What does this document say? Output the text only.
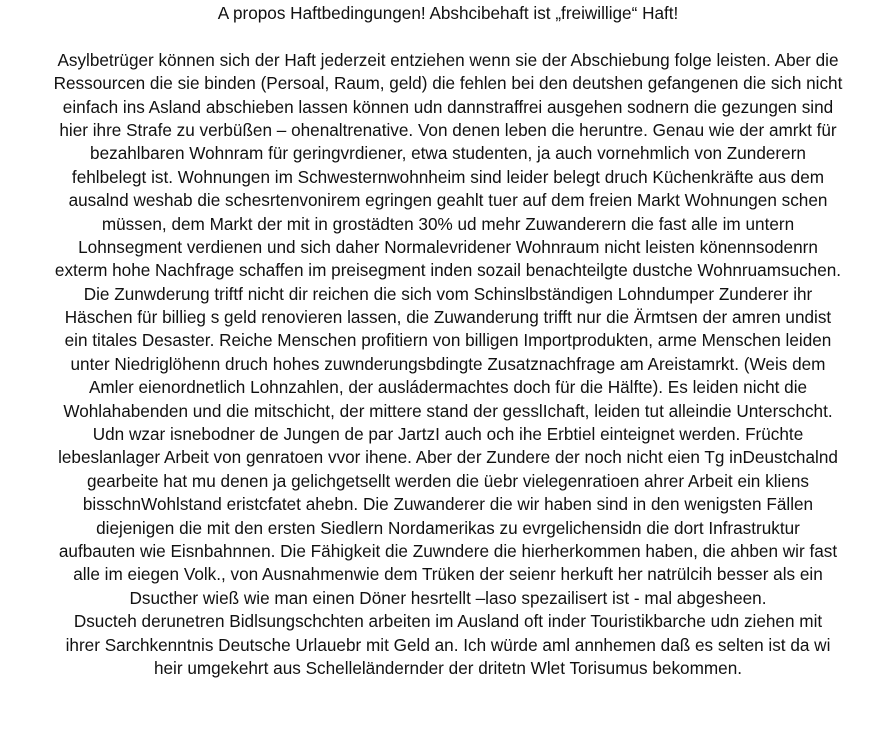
A propos Haftbedingungen! Abshcibehaft ist „freiwillige“ Haft!
Asylbetrüger können sich der Haft jederzeit entziehen wenn sie der Abschiebung folge leisten. Aber die
Ressourcen die sie binden (Persoal, Raum, geld) die fehlen bei den deutshen gefangenen die sich nicht
einfach ins Asland abschieben lassen können udn dannstraffrei ausgehen sodnern die gezungen sind
hier ihre Strafe zu verbüßen – ohenaltrenative. Von denen leben die heruntre. Genau wie der amrkt für
bezahlbaren Wohnram für geringvrdiener, etwa studenten, ja auch vornehmlich von Zunderern
fehlbelegt ist. Wohnungen im Schwesternwohnheim sind leider belegt druch Küchenkräfte aus dem
ausalnd weshab die schesrtenvonirem egringen geahlt tuer auf dem freien Markt Wohnungen schen
müssen, dem Markt der mit in grostädten 30% ud mehr Zuwanderern die fast alle im untern
Lohnsegment verdienen und sich daher Normalevridener Wohnraum nicht leisten könennsodenrn
exterm hohe Nachfrage schaffen im preisegment inden sozail benachteilgte dustche Wohnruamsuchen.
Die Zunwderung triftf nicht dir reichen die sich vom Schinslbständigen Lohndumper Zunderer ihr
Häschen für billieg s geld renovieren lassen, die Zuwanderung trifft nur die Ärmtsen der amren undist
ein titales Desaster. Reiche Menschen profitiern von billigen Importprodukten, arme Menschen leiden
unter Niedriglöhenn druch hohes zuwnderungsbdingte Zusatznachfrage am Areistamrkt. (Weis dem
Amler eienordnetlich Lohnzahlen, der ausládermachtes doch für die Hälfte). Es leiden nicht die
Wohlahabenden und die mitschicht, der mittere stand der gesslIchaft, leiden tut alleindie Unterschcht.
Udn wzar isnebodner de Jungen de par JartzI auch och ihe Erbtiel einteignet werden. Früchte
lebeslanlager Arbeit von genratoen vvor ihene. Aber der Zundere der noch nicht eien Tg inDeustchalnd
gearbeite hat mu denen ja gelichgetsellt werden die üebr vielegenratioen ahrer Arbeit ein kliens
bisschnWohlstand eristcfatet ahebn. Die Zuwanderer die wir haben sind in den wenigsten Fällen
diejenigen die mit den ersten Siedlern Nordamerikas zu evrgelichensidn die dort Infrastruktur
aufbauten wie Eisnbahnnen. Die Fähigkeit die Zuwndere die hierherkommen haben, die ahben wir fast
alle im eiegen Volk., von Ausnahmenwie dem Trüken der seienr herkuft her natrülcih besser als ein
Dsucther wieß wie man einen Döner hesrtellt –laso spezailisert ist - mal abgesheen.
Dsucteh derunetren Bidlsungschchten arbeiten im Ausland oft inder Touristikbarche udn ziehen mit
ihrer Sarchkenntnis Deutsche Urlauebr mit Geld an. Ich würde aml annhemen daß es selten ist da wi
heir umgekehrt aus Schelleländernder der dritetn Wlet Torisumus bekommen.
